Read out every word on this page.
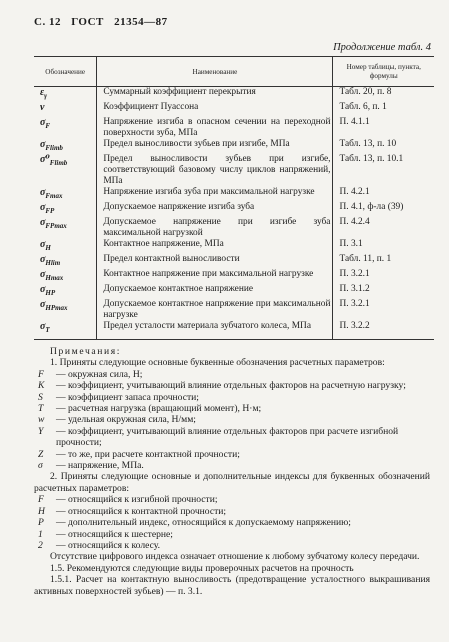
С. 12 ГОСТ 21354—87
Продолжение табл. 4
Обозначение	Наименование	Номер таблицы, пункта, формулы
$\varepsilon_\gamma$	Суммарный коэффициент перекрытия	Табл. 20, п. 8
ν	Коэффициент Пуассона	Табл. 6, п. 1
$\sigma_F$	Напряжение изгиба в опасном сечении на переходной поверхности зуба, МПа	П. 4.1.1
$\sigma_{Flimb}$	Предел выносливости зубьев при изгибе, МПа	Табл. 13, п. 10
$\sigma^0_{Flimb}$	Предел выносливости зубьев при изгибе, соответствующий базовому числу циклов напряжений, МПа	Табл. 13, п. 10.1
$\sigma_{Fmax}$	Напряжение изгиба зуба при максимальной нагрузке	П. 4.2.1
$\sigma_{FP}$	Допускаемое напряжение изгиба зуба	П. 4.1, ф-ла (39)
$\sigma_{FPmax}$	Допускаемое напряжение при изгибе зуба максимальной нагрузкой	П. 4.2.4
$\sigma_H$	Контактное напряжение, МПа	П. 3.1
$\sigma_{Hlim}$	Предел контактной выносливости	Табл. 11, п. 1
$\sigma_{Hmax}$	Контактное напряжение при максимальной нагрузке	П. 3.2.1
$\sigma_{HP}$	Допускаемое контактное напряжение	П. 3.1.2
$\sigma_{HPmax}$	Допускаемое контактное напряжение при максимальной нагрузке	П. 3.2.1
$\sigma_T$	Предел усталости материала зубчатого колеса, МПа	П. 3.2.2

Примечания:

1. Приняты следующие основные буквенные обозначения расчетных параметров:

F	— окружная сила, Н;
K	— коэффициент, учитывающий влияние отдельных факторов на расчетную нагрузку;
S	— коэффициент запаса прочности;
T	— расчетная нагрузка (вращающий момент), Н·м;
w	— удельная окружная сила, Н/мм;
Y	— коэффициент, учитывающий влияние отдельных факторов при расчете изгибной прочности;
Z	— то же, при расчете контактной прочности;
σ	— напряжение, МПа.

2. Приняты следующие основные и дополнительные индексы для буквенных обозначений расчетных параметров:

F	— относящийся к изгибной прочности;
H	— относящийся к контактной прочности;
P	— дополнительный индекс, относящийся к допускаемому напряжению;
1	— относящийся к шестерне;
2	— относящийся к колесу.

Отсутствие цифрового индекса означает отношение к любому зубчатому колесу передачи.

1.5. Рекомендуются следующие виды проверочных расчетов на прочность

1.5.1. Расчет на контактную выносливость (предотвращение усталостного выкрашивания активных поверхностей зубьев) — п. 3.1.
